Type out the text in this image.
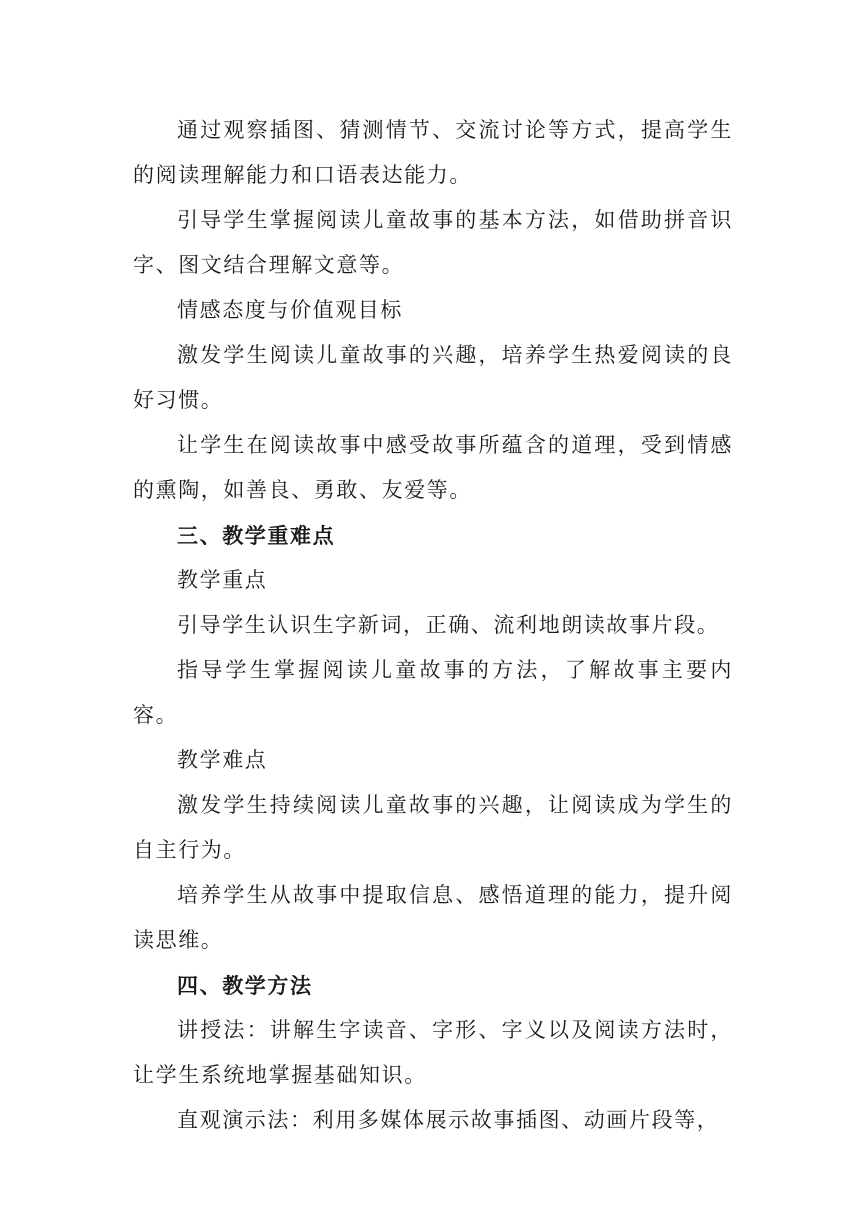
通过观察插图、猜测情节、交流讨论等方式，提高学生的阅读理解能力和口语表达能力。

引导学生掌握阅读儿童故事的基本方法，如借助拼音识字、图文结合理解文意等。

情感态度与价值观目标

激发学生阅读儿童故事的兴趣，培养学生热爱阅读的良好习惯。

让学生在阅读故事中感受故事所蕴含的道理，受到情感的熏陶，如善良、勇敢、友爱等。

三、教学重难点

教学重点

引导学生认识生字新词，正确、流利地朗读故事片段。

指导学生掌握阅读儿童故事的方法，了解故事主要内容。

教学难点

激发学生持续阅读儿童故事的兴趣，让阅读成为学生的自主行为。

培养学生从故事中提取信息、感悟道理的能力，提升阅读思维。

四、教学方法

讲授法：讲解生字读音、字形、字义以及阅读方法时，让学生系统地掌握基础知识。

直观演示法：利用多媒体展示故事插图、动画片段等，
